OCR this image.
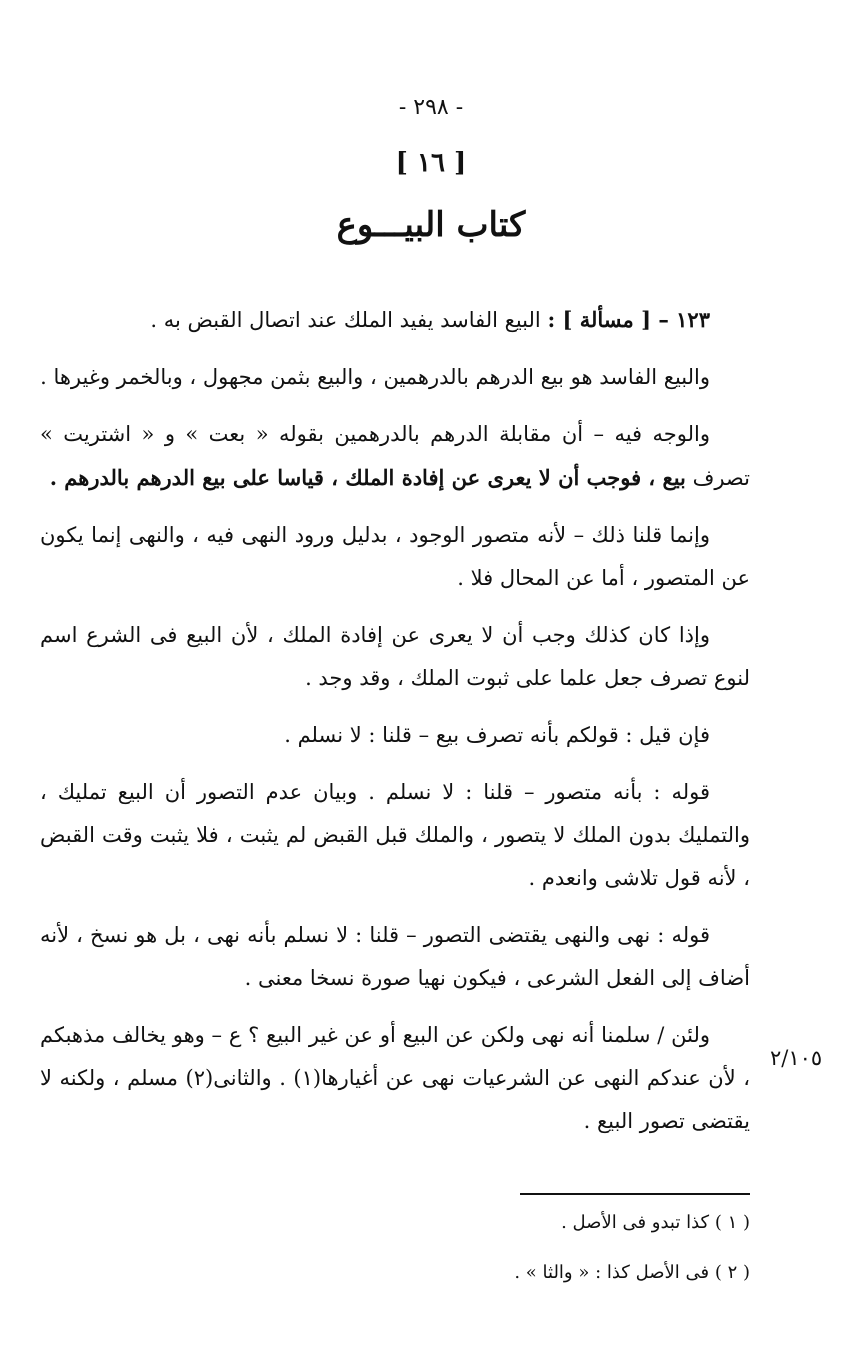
- ٢٩٨ -
[ ١٦ ]
كتاب البيـــوع

١٢٣ – [ مسألة ] : البيع الفاسد يفيد الملك عند اتصال القبض به .

والبيع الفاسد هو بيع الدرهم بالدرهمين ، والبيع بثمن مجهول ، وبالخمر وغيرها .

والوجه فيه – أن مقابلة الدرهم بالدرهمين بقوله « بعت » و « اشتريت » تصرف بيع ، فوجب أن لا يعرى عن إفادة الملك ، قياسا على بيع الدرهم بالدرهم .

وإنما قلنا ذلك – لأنه متصور الوجود ، بدليل ورود النهى فيه ، والنهى إنما يكون عن المتصور ، أما عن المحال فلا .

وإذا كان كذلك وجب أن لا يعرى عن إفادة الملك ، لأن البيع فى الشرع اسم لنوع تصرف جعل علما على ثبوت الملك ، وقد وجد .

فإن قيل : قولكم بأنه تصرف بيع – قلنا : لا نسلم .

قوله : بأنه متصور – قلنا : لا نسلم . وبيان عدم التصور أن البيع تمليك ، والتمليك بدون الملك لا يتصور ، والملك قبل القبض لم يثبت ، فلا يثبت وقت القبض ، لأنه قول تلاشى وانعدم .

قوله : نهى والنهى يقتضى التصور – قلنا : لا نسلم بأنه نهى ، بل هو نسخ ، لأنه أضاف إلى الفعل الشرعى ، فيكون نهيا صورة نسخا معنى .

ولئن / سلمنا أنه نهى ولكن عن البيع أو عن غير البيع ؟ ع – وهو يخالف مذهبكم ، لأن عندكم النهى عن الشرعيات نهى عن أغيارها(١) . والثانى(٢) مسلم ، ولكنه لا يقتضى تصور البيع .

٢/١٠٥
( ١ ) كذا تبدو فى الأصل .
( ٢ ) فى الأصل كذا : « والثا » .
